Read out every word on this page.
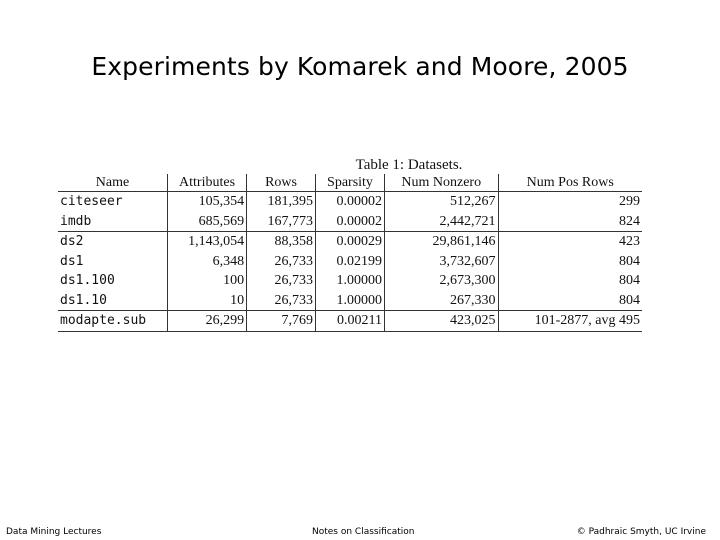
Experiments by Komarek and Moore, 2005
Table 1: Datasets.
Name	Attributes	Rows	Sparsity	Num Nonzero	Num Pos Rows
citeseer	105,354	181,395	0.00002	512,267	299
imdb	685,569	167,773	0.00002	2,442,721	824
ds2	1,143,054	88,358	0.00029	29,861,146	423
ds1	6,348	26,733	0.02199	3,732,607	804
ds1.100	100	26,733	1.00000	2,673,300	804
ds1.10	10	26,733	1.00000	267,330	804
modapte.sub	26,299	7,769	0.00211	423,025	101-2877, avg 495
Data Mining Lectures	Notes on Classification	© Padhraic Smyth, UC Irvine
